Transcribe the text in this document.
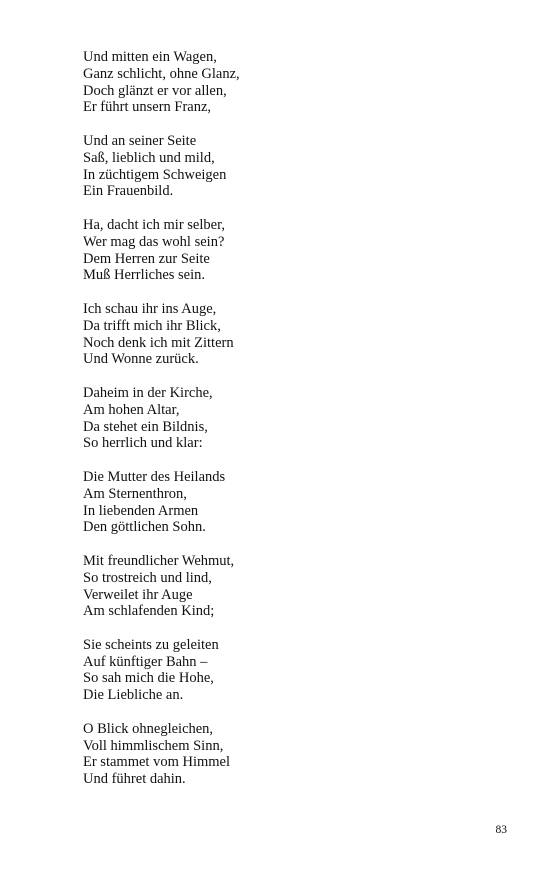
Und mitten ein Wagen,
Ganz schlicht, ohne Glanz,
Doch glänzt er vor allen,
Er führt unsern Franz,
Und an seiner Seite
Saß, lieblich und mild,
In züchtigem Schweigen
Ein Frauenbild.
Ha, dacht ich mir selber,
Wer mag das wohl sein?
Dem Herren zur Seite
Muß Herrliches sein.
Ich schau ihr ins Auge,
Da trifft mich ihr Blick,
Noch denk ich mit Zittern
Und Wonne zurück.
Daheim in der Kirche,
Am hohen Altar,
Da stehet ein Bildnis,
So herrlich und klar:
Die Mutter des Heilands
Am Sternenthron,
In liebenden Armen
Den göttlichen Sohn.
Mit freundlicher Wehmut,
So trostreich und lind,
Verweilet ihr Auge
Am schlafenden Kind;
Sie scheints zu geleiten
Auf künftiger Bahn –
So sah mich die Hohe,
Die Liebliche an.
O Blick ohnegleichen,
Voll himmlischem Sinn,
Er stammet vom Himmel
Und führet dahin.
83
